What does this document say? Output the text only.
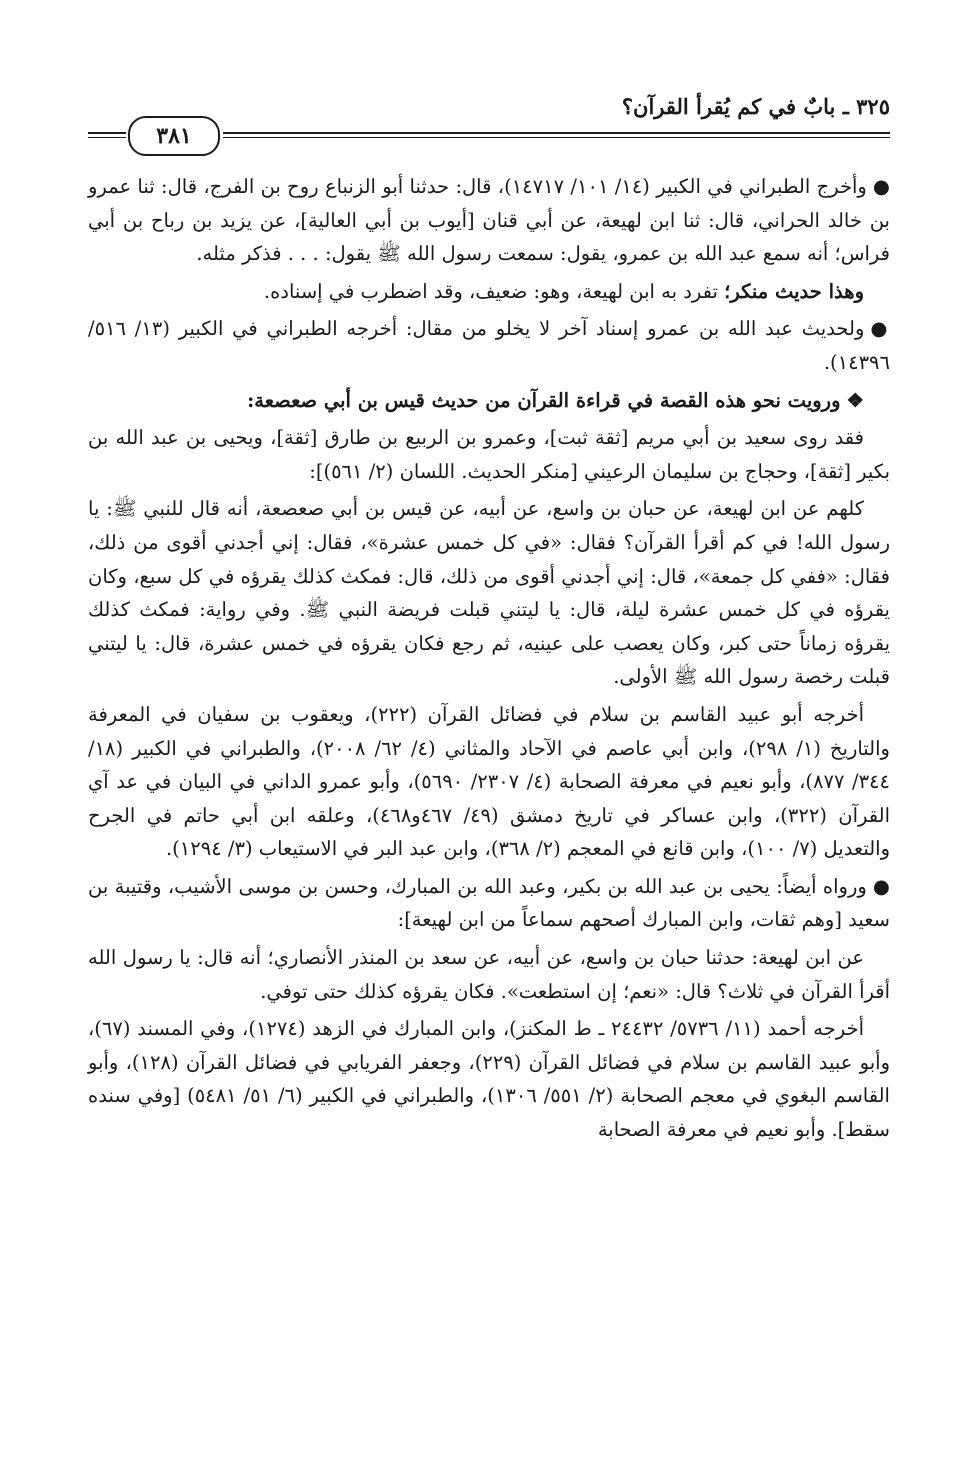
٣٢٥ ـ بابٌ في كم يُقرأ القرآن؟
٣٨١

●وأخرج الطبراني في الكبير (١٤/ ١٠١/ ١٤٧١٧)، قال: حدثنا أبو الزنباع روح بن الفرج، قال: ثنا عمرو بن خالد الحراني، قال: ثنا ابن لهيعة، عن أبي قنان [أيوب بن أبي العالية]، عن يزيد بن رباح بن أبي فراس؛ أنه سمع عبد الله بن عمرو، يقول: سمعت رسول الله ﷺ يقول: . . . فذكر مثله.

وهذا حديث منكر؛ تفرد به ابن لهيعة، وهو: ضعيف، وقد اضطرب في إسناده.

●ولحديث عبد الله بن عمرو إسناد آخر لا يخلو من مقال: أخرجه الطبراني في الكبير (١٣/ ٥١٦/ ١٤٣٩٦).

❖ورويت نحو هذه القصة في قراءة القرآن من حديث قيس بن أبي صعصعة:

فقد روى سعيد بن أبي مريم [ثقة ثبت]، وعمرو بن الربيع بن طارق [ثقة]، ويحيى بن عبد الله بن بكير [ثقة]، وحجاج بن سليمان الرعيني [منكر الحديث. اللسان (٢/ ٥٦١)]:

كلهم عن ابن لهيعة، عن حبان بن واسع، عن أبيه، عن قيس بن أبي صعصعة، أنه قال للنبي ﷺ: يا رسول الله! في كم أقرأ القرآن؟ فقال: «في كل خمس عشرة»، فقال: إني أجدني أقوى من ذلك، فقال: «ففي كل جمعة»، قال: إني أجدني أقوى من ذلك، قال: فمكث كذلك يقرؤه في كل سبع، وكان يقرؤه في كل خمس عشرة ليلة، قال: يا ليتني قبلت فريضة النبي ﷺ. وفي رواية: فمكث كذلك يقرؤه زماناً حتى كبر، وكان يعصب على عينيه، ثم رجع فكان يقرؤه في خمس عشرة، قال: يا ليتني قبلت رخصة رسول الله ﷺ الأولى.

أخرجه أبو عبيد القاسم بن سلام في فضائل القرآن (٢٢٢)، ويعقوب بن سفيان في المعرفة والتاريخ (١/ ٢٩٨)، وابن أبي عاصم في الآحاد والمثاني (٤/ ٦٢/ ٢٠٠٨)، والطبراني في الكبير (١٨/ ٣٤٤/ ٨٧٧)، وأبو نعيم في معرفة الصحابة (٤/ ٢٣٠٧/ ٥٦٩٠)، وأبو عمرو الداني في البيان في عد آي القرآن (٣٢٢)، وابن عساكر في تاريخ دمشق (٤٩/ ٤٦٧و٤٦٨)، وعلقه ابن أبي حاتم في الجرح والتعديل (٧/ ١٠٠)، وابن قانع في المعجم (٢/ ٣٦٨)، وابن عبد البر في الاستيعاب (٣/ ١٢٩٤).

●ورواه أيضاً: يحيى بن عبد الله بن بكير، وعبد الله بن المبارك، وحسن بن موسى الأشيب، وقتيبة بن سعيد [وهم ثقات، وابن المبارك أصحهم سماعاً من ابن لهيعة]:

عن ابن لهيعة: حدثنا حبان بن واسع، عن أبيه، عن سعد بن المنذر الأنصاري؛ أنه قال: يا رسول الله أقرأ القرآن في ثلاث؟ قال: «نعم؛ إن استطعت». فكان يقرؤه كذلك حتى توفي.

أخرجه أحمد (١١/ ٥٧٣٦/ ٢٤٤٣٢ ـ ط المكنز)، وابن المبارك في الزهد (١٢٧٤)، وفي المسند (٦٧)، وأبو عبيد القاسم بن سلام في فضائل القرآن (٢٢٩)، وجعفر الفريابي في فضائل القرآن (١٢٨)، وأبو القاسم البغوي في معجم الصحابة (٢/ ٥٥١/ ١٣٠٦)، والطبراني في الكبير (٦/ ٥١/ ٥٤٨١) [وفي سنده سقط]. وأبو نعيم في معرفة الصحابة
